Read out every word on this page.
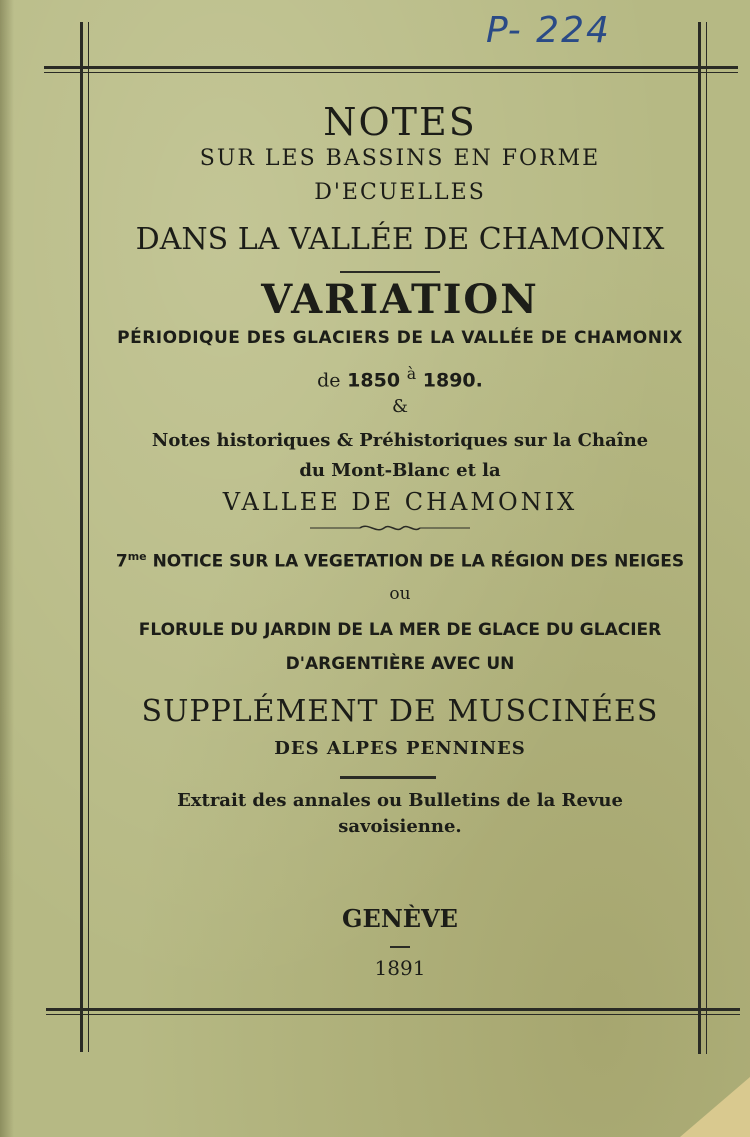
P- 224

NOTES

SUR LES BASSINS EN FORME

D'ECUELLES

DANS LA VALLÉE DE CHAMONIX

VARIATION

PÉRIODIQUE DES GLACIERS DE LA VALLÉE DE CHAMONIX

de 1850 $^à$ 1890.

&

Notes historiques & Préhistoriques sur la Chaîne

du Mont-Blanc et la

VALLEE DE CHAMONIX

$7^{me}$ NOTICE SUR LA VEGETATION DE LA RÉGION DES NEIGES

ou

FLORULE DU JARDIN DE LA MER DE GLACE DU GLACIER

D'ARGENTIÈRE AVEC UN

SUPPLÉMENT DE MUSCINÉES

DES ALPES PENNINES

Extrait des annales ou Bulletins de la Revue

savoisienne.

GENÈVE

1891
